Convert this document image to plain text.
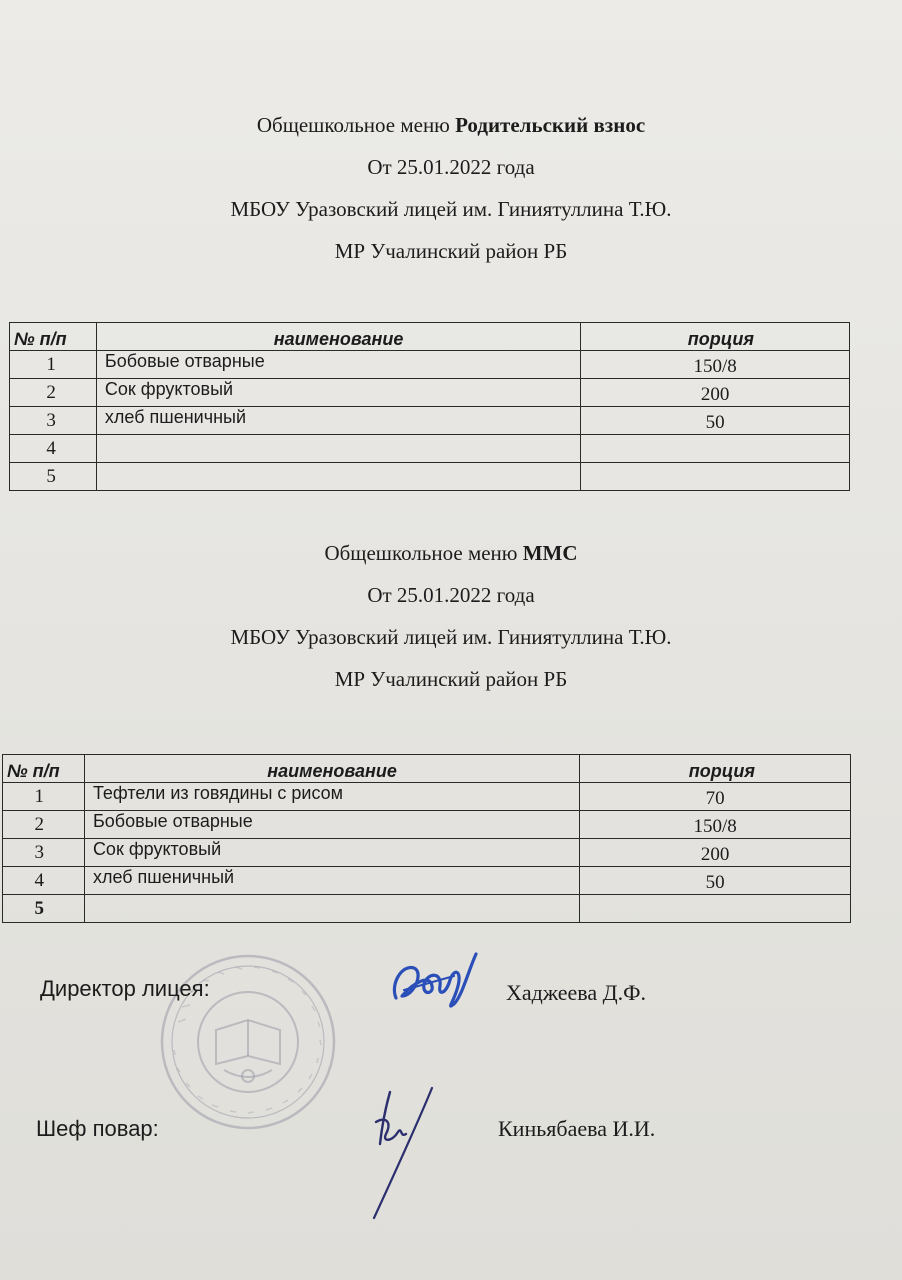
Общешкольное меню Родительский взнос
От 25.01.2022 года
МБОУ Уразовский лицей им. Гиниятуллина Т.Ю.
МР Учалинский район РБ
№ п/п	наименование	порция
1	Бобовые отварные	150/8
2	Сок фруктовый	200
3	хлеб пшеничный	50
4		
5		
Общешкольное меню ММС
От 25.01.2022 года
МБОУ Уразовский лицей им. Гиниятуллина Т.Ю.
МР Учалинский район РБ
№ п/п	наименование	порция
1	Тефтели из говядины с рисом	70
2	Бобовые отварные	150/8
3	Сок фруктовый	200
4	хлеб пшеничный	50
5		
Директор лицея:	Хаджеева Д.Ф.
Шеф повар:	Киньябаева И.И.
